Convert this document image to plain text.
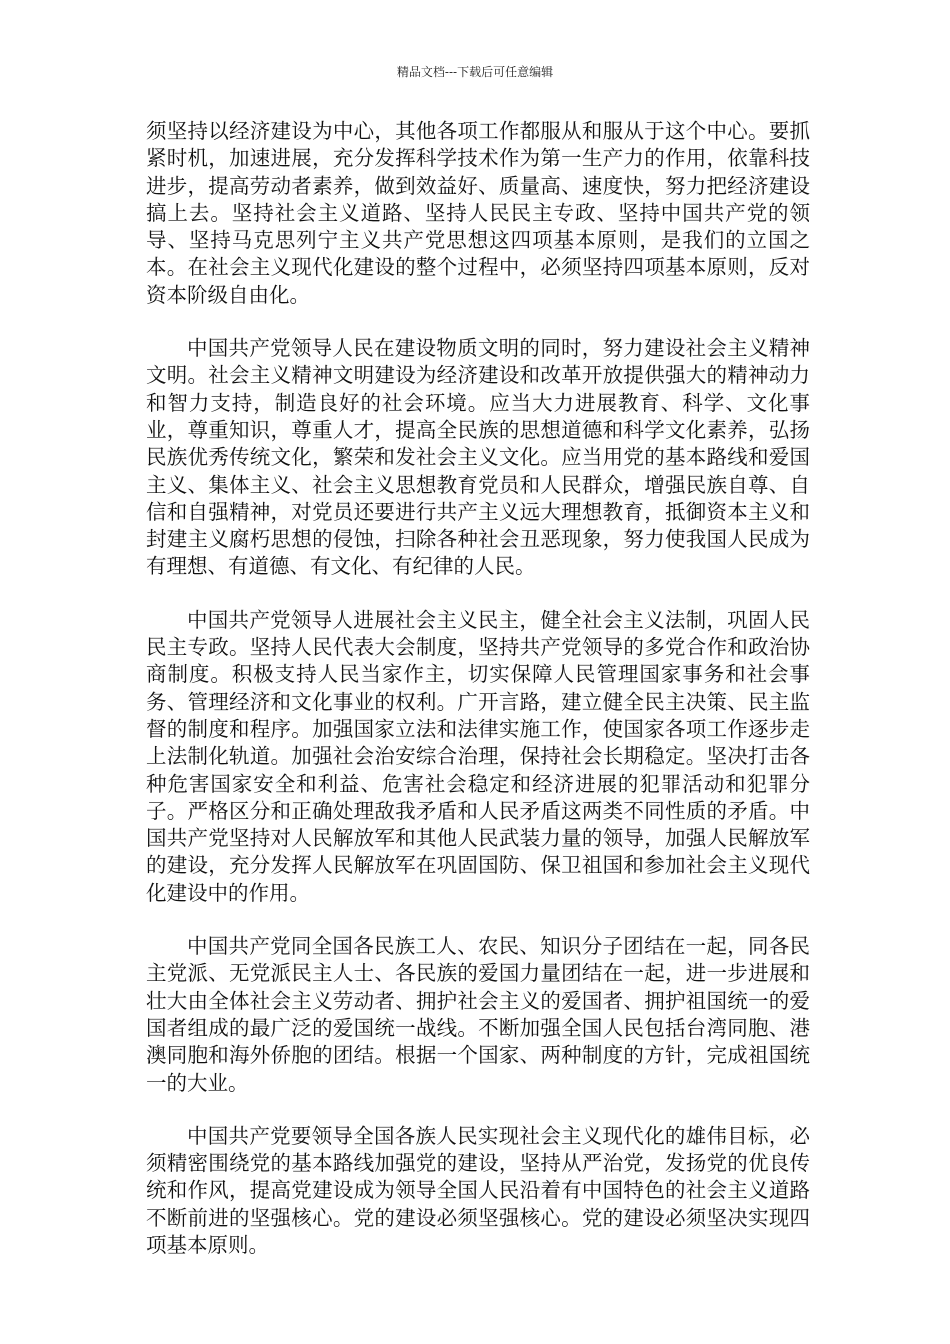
精品文档---下载后可任意编辑

须坚持以经济建设为中心，其他各项工作都服从和服从于这个中心。要抓紧时机，加速进展，充分发挥科学技术作为第一生产力的作用，依靠科技进步，提高劳动者素养，做到效益好、质量高、速度快，努力把经济建设搞上去。坚持社会主义道路、坚持人民民主专政、坚持中国共产党的领导、坚持马克思列宁主义共产党思想这四项基本原则，是我们的立国之本。在社会主义现代化建设的整个过程中，必须坚持四项基本原则，反对资本阶级自由化。

中国共产党领导人民在建设物质文明的同时，努力建设社会主义精神文明。社会主义精神文明建设为经济建设和改革开放提供强大的精神动力和智力支持，制造良好的社会环境。应当大力进展教育、科学、文化事业，尊重知识，尊重人才，提高全民族的思想道德和科学文化素养，弘扬民族优秀传统文化，繁荣和发社会主义文化。应当用党的基本路线和爱国主义、集体主义、社会主义思想教育党员和人民群众，增强民族自尊、自信和自强精神，对党员还要进行共产主义远大理想教育，抵御资本主义和封建主义腐朽思想的侵蚀，扫除各种社会丑恶现象，努力使我国人民成为有理想、有道德、有文化、有纪律的人民。

中国共产党领导人进展社会主义民主，健全社会主义法制，巩固人民民主专政。坚持人民代表大会制度，坚持共产党领导的多党合作和政治协商制度。积极支持人民当家作主，切实保障人民管理国家事务和社会事务、管理经济和文化事业的权利。广开言路，建立健全民主决策、民主监督的制度和程序。加强国家立法和法律实施工作，使国家各项工作逐步走上法制化轨道。加强社会治安综合治理，保持社会长期稳定。坚决打击各种危害国家安全和利益、危害社会稳定和经济进展的犯罪活动和犯罪分子。严格区分和正确处理敌我矛盾和人民矛盾这两类不同性质的矛盾。中国共产党坚持对人民解放军和其他人民武装力量的领导，加强人民解放军的建设，充分发挥人民解放军在巩固国防、保卫祖国和参加社会主义现代化建设中的作用。

中国共产党同全国各民族工人、农民、知识分子团结在一起，同各民主党派、无党派民主人士、各民族的爱国力量团结在一起，进一步进展和壮大由全体社会主义劳动者、拥护社会主义的爱国者、拥护祖国统一的爱国者组成的最广泛的爱国统一战线。不断加强全国人民包括台湾同胞、港澳同胞和海外侨胞的团结。根据一个国家、两种制度的方针，完成祖国统一的大业。

中国共产党要领导全国各族人民实现社会主义现代化的雄伟目标，必须精密围绕党的基本路线加强党的建设，坚持从严治党，发扬党的优良传统和作风，提高党建设成为领导全国人民沿着有中国特色的社会主义道路不断前进的坚强核心。党的建设必须坚强核心。党的建设必须坚决实现四项基本原则。
